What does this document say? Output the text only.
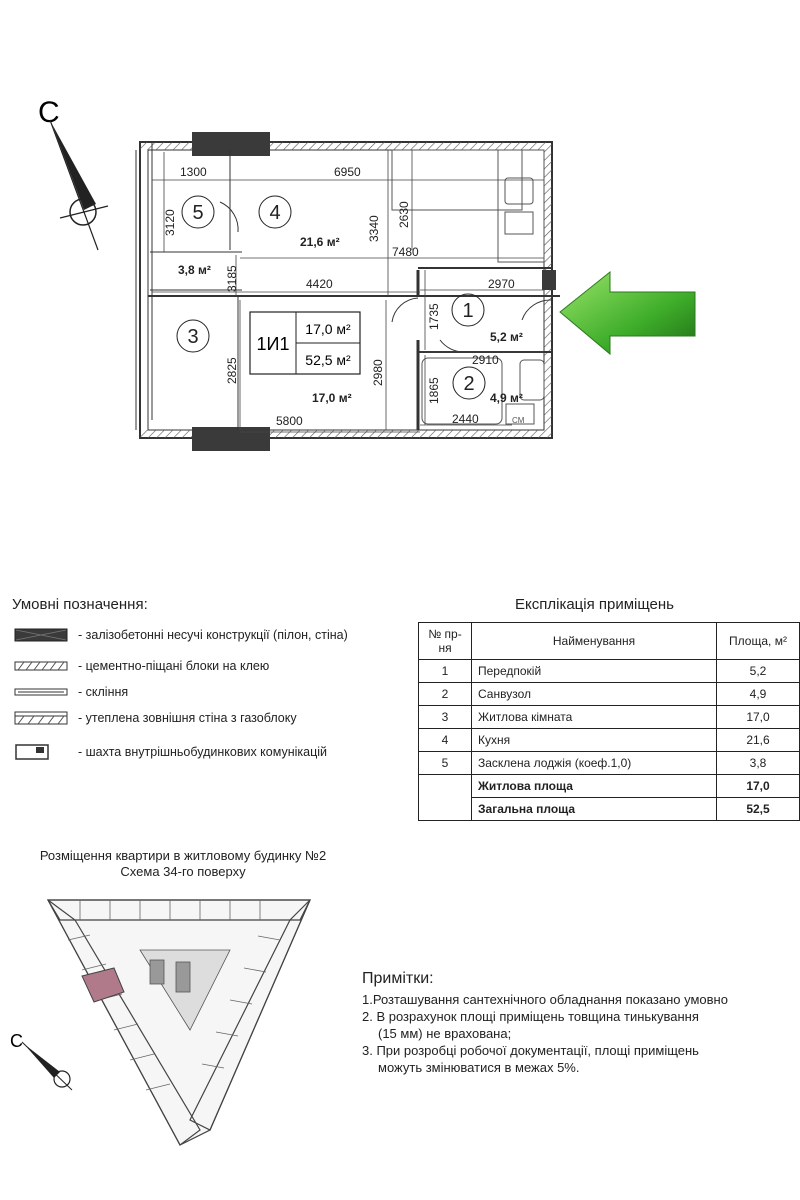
С
СМ
1300	6950
3120	3340
2630
7480
3185	4420	2970
1735
2825	2980	2910
1865
2440
5800
5	4
3
1
2
21,6 м²
3,8 м²
17,0 м²
5,2 м²
4,9 м²
1И1
17,0 м²
52,5 м²
Умовні позначення:
- залізобетонні несучі конструкції (пілон, стіна)
- цементно-піщані блоки на клею
- скління
- утеплена зовнішня стіна з газоблоку
- шахта внутрішньобудинкових комунікацій
Експлікація приміщень
№ пр-ня	Найменування	Площа, м²
1	Передпокій	5,2
2	Санвузол	4,9
3	Житлова кімната	17,0
4	Кухня	21,6
5	Засклена лоджія (коеф.1,0)	3,8
	Житлова площа	17,0
	Загальна площа	52,5
Розміщення квартири в житловому будинку №2
Схема 34-го поверху
С
Примітки:
1.Розташування сантехнічного обладнання показано умовно
2. В розрахунок площі приміщень товщина тинькування
(15 мм) не врахована;
3. При розробці робочої документації, площі приміщень
можуть змінюватися в межах 5%.
